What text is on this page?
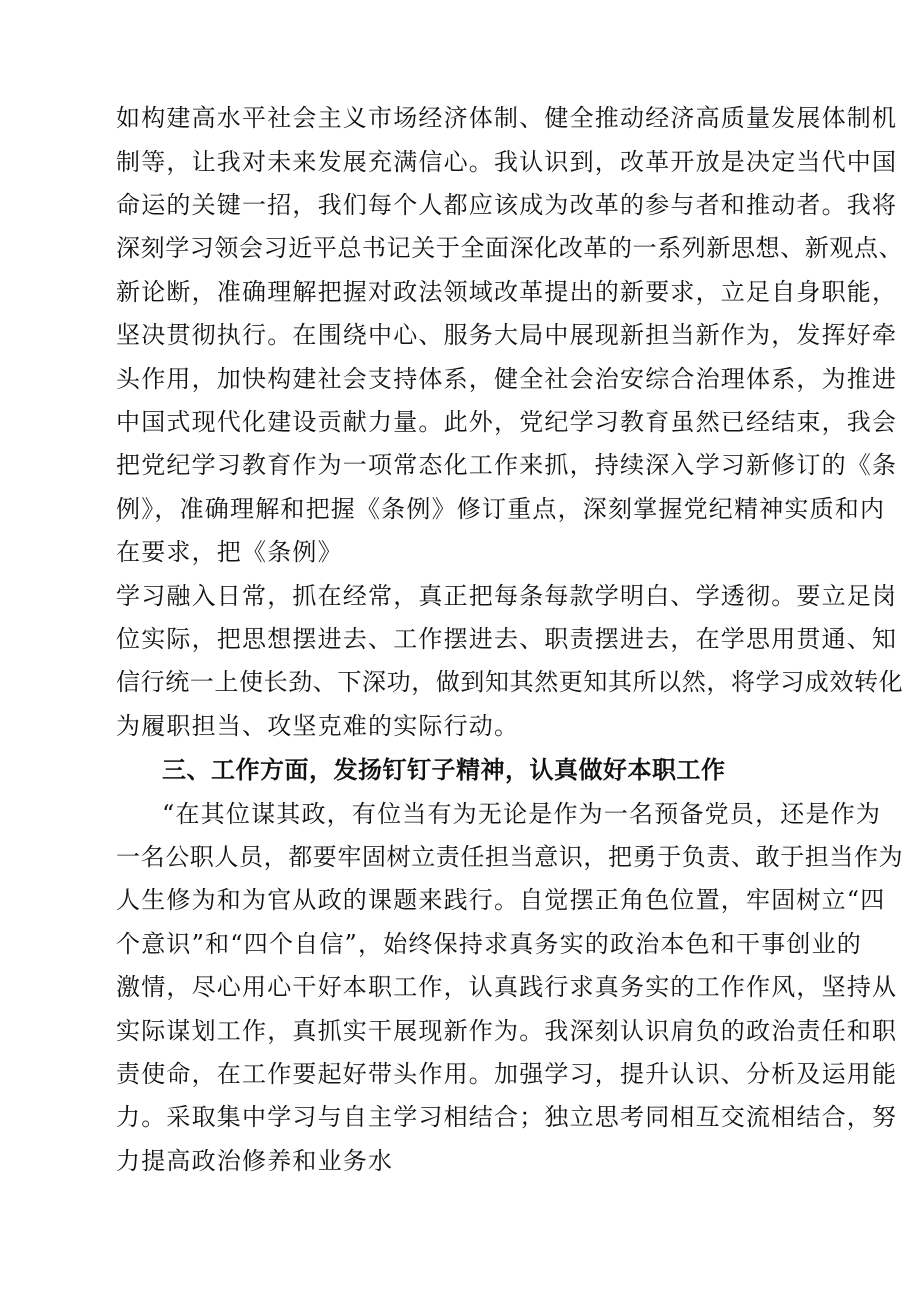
如构建高水平社会主义市场经济体制、健全推动经济高质量发展体制机
制等，让我对未来发展充满信心。我认识到，改革开放是决定当代中国
命运的关键一招，我们每个人都应该成为改革的参与者和推动者。我将
深刻学习领会习近平总书记关于全面深化改革的一系列新思想、新观点、
新论断，准确理解把握对政法领域改革提出的新要求，立足自身职能，
坚决贯彻执行。在围绕中心、服务大局中展现新担当新作为，发挥好牵
头作用，加快构建社会支持体系，健全社会治安综合治理体系，为推进
中国式现代化建设贡献力量。此外，党纪学习教育虽然已经结束，我会
把党纪学习教育作为一项常态化工作来抓，持续深入学习新修订的《条
例》，准确理解和把握《条例》修订重点，深刻掌握党纪精神实质和内
在要求，把《条例》
学习融入日常，抓在经常，真正把每条每款学明白、学透彻。要立足岗
位实际，把思想摆进去、工作摆进去、职责摆进去，在学思用贯通、知
信行统一上使长劲、下深功，做到知其然更知其所以然，将学习成效转化
为履职担当、攻坚克难的实际行动。
三、工作方面，发扬钉钉子精神，认真做好本职工作
“在其位谋其政，有位当有为无论是作为一名预备党员，还是作为
一名公职人员，都要牢固树立责任担当意识，把勇于负责、敢于担当作为
人生修为和为官从政的课题来践行。自觉摆正角色位置，牢固树立“四
个意识”和“四个自信”，始终保持求真务实的政治本色和干事创业的
激情，尽心用心干好本职工作，认真践行求真务实的工作作风，坚持从
实际谋划工作，真抓实干展现新作为。我深刻认识肩负的政治责任和职
责使命，在工作要起好带头作用。加强学习，提升认识、分析及运用能
力。采取集中学习与自主学习相结合；独立思考同相互交流相结合，努
力提高政治修养和业务水
